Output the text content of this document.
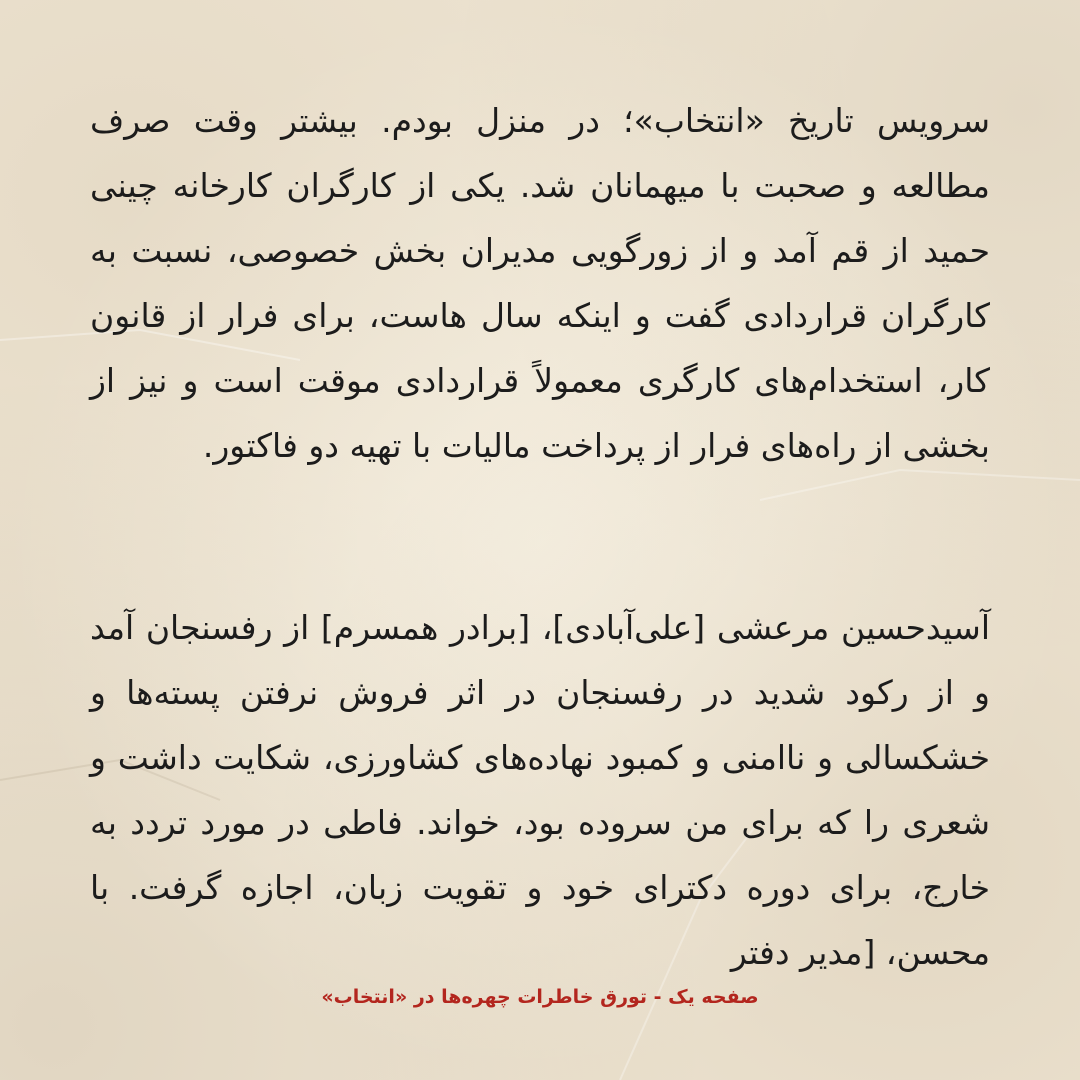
سرویس تاریخ «انتخاب»؛ در منزل بودم. بیشتر وقت صرف مطالعه و صحبت با میهمانان شد. یکی از کارگران کارخانه چینی حمید از قم آمد و از زورگویی مدیران بخش خصوصی، نسبت به کارگران قراردادی گفت و اینکه سال هاست، برای فرار از قانون کار، استخدام‌های کارگری معمولاً قراردادی موقت است و نیز از بخشی از راه‌های فرار از پرداخت مالیات با تهیه دو فاکتور.
آسیدحسین مرعشی [علی‌آبادی]، [برادر همسرم] از رفسنجان آمد و از رکود شدید در رفسنجان در اثر فروش نرفتن پسته‌ها و خشکسالی و ناامنی و کمبود نهاده‌های کشاورزی، شکایت داشت و شعری را که برای من سروده بود، خواند. فاطی در مورد تردد به خارج، برای دوره دکترای خود و تقویت زبان، اجازه گرفت. با محسن، [مدیر دفتر
صفحه یک - تورق خاطرات چهره‌ها در «انتخاب»
